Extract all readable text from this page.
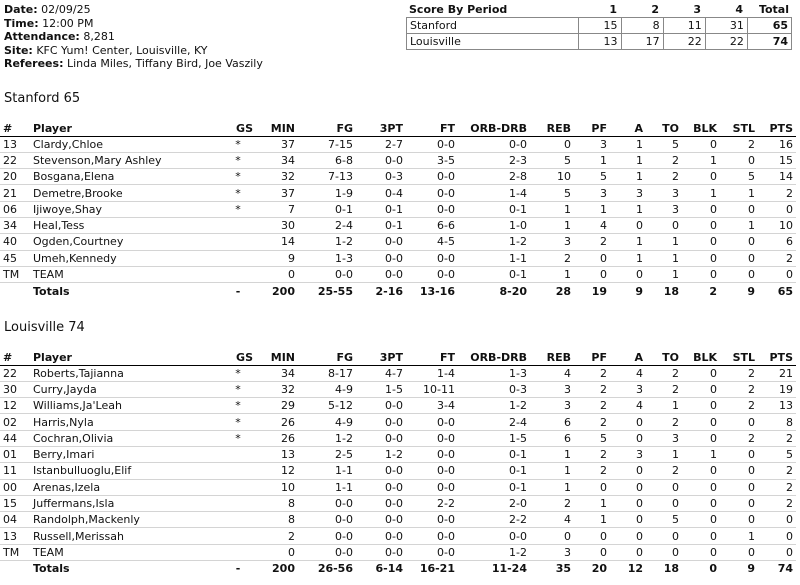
Date: 02/09/25
Time: 12:00 PM
Attendance: 8,281
Site: KFC Yum! Center, Louisville, KY
Referees: Linda Miles, Tiffany Bird, Joe Vaszily
Score By Period	1	2	3	4	Total
Stanford	15	8	11	31	65
Louisville	13	17	22	22	74
Stanford 65
#	Player	GS	MIN	FG	3PT	FT	ORB-DRB	REB	PF	A	TO	BLK	STL	PTS
13	Clardy,Chloe	*	37	7-15	2-7	0-0	0-0	0	3	1	5	0	2	16
22	Stevenson,Mary Ashley	*	34	6-8	0-0	3-5	2-3	5	1	1	2	1	0	15
20	Bosgana,Elena	*	32	7-13	0-3	0-0	2-8	10	5	1	2	0	5	14
21	Demetre,Brooke	*	37	1-9	0-4	0-0	1-4	5	3	3	3	1	1	2
06	Ijiwoye,Shay	*	7	0-1	0-1	0-0	0-1	1	1	1	3	0	0	0
34	Heal,Tess		30	2-4	0-1	6-6	1-0	1	4	0	0	0	1	10
40	Ogden,Courtney		14	1-2	0-0	4-5	1-2	3	2	1	1	0	0	6
45	Umeh,Kennedy		9	1-3	0-0	0-0	1-1	2	0	1	1	0	0	2
TM	TEAM		0	0-0	0-0	0-0	0-1	1	0	0	1	0	0	0
	Totals	-	200	25-55	2-16	13-16	8-20	28	19	9	18	2	9	65
Louisville 74
#	Player	GS	MIN	FG	3PT	FT	ORB-DRB	REB	PF	A	TO	BLK	STL	PTS
22	Roberts,Tajianna	*	34	8-17	4-7	1-4	1-3	4	2	4	2	0	2	21
30	Curry,Jayda	*	32	4-9	1-5	10-11	0-3	3	2	3	2	0	2	19
12	Williams,Ja'Leah	*	29	5-12	0-0	3-4	1-2	3	2	4	1	0	2	13
02	Harris,Nyla	*	26	4-9	0-0	0-0	2-4	6	2	0	2	0	0	8
44	Cochran,Olivia	*	26	1-2	0-0	0-0	1-5	6	5	0	3	0	2	2
01	Berry,Imari		13	2-5	1-2	0-0	0-1	1	2	3	1	1	0	5
11	Istanbulluoglu,Elif		12	1-1	0-0	0-0	0-1	1	2	0	2	0	0	2
00	Arenas,Izela		10	1-1	0-0	0-0	0-1	1	0	0	0	0	0	2
15	Juffermans,Isla		8	0-0	0-0	2-2	2-0	2	1	0	0	0	0	2
04	Randolph,Mackenly		8	0-0	0-0	0-0	2-2	4	1	0	5	0	0	0
13	Russell,Merissah		2	0-0	0-0	0-0	0-0	0	0	0	0	0	1	0
TM	TEAM		0	0-0	0-0	0-0	1-2	3	0	0	0	0	0	0
	Totals	-	200	26-56	6-14	16-21	11-24	35	20	12	18	0	9	74
